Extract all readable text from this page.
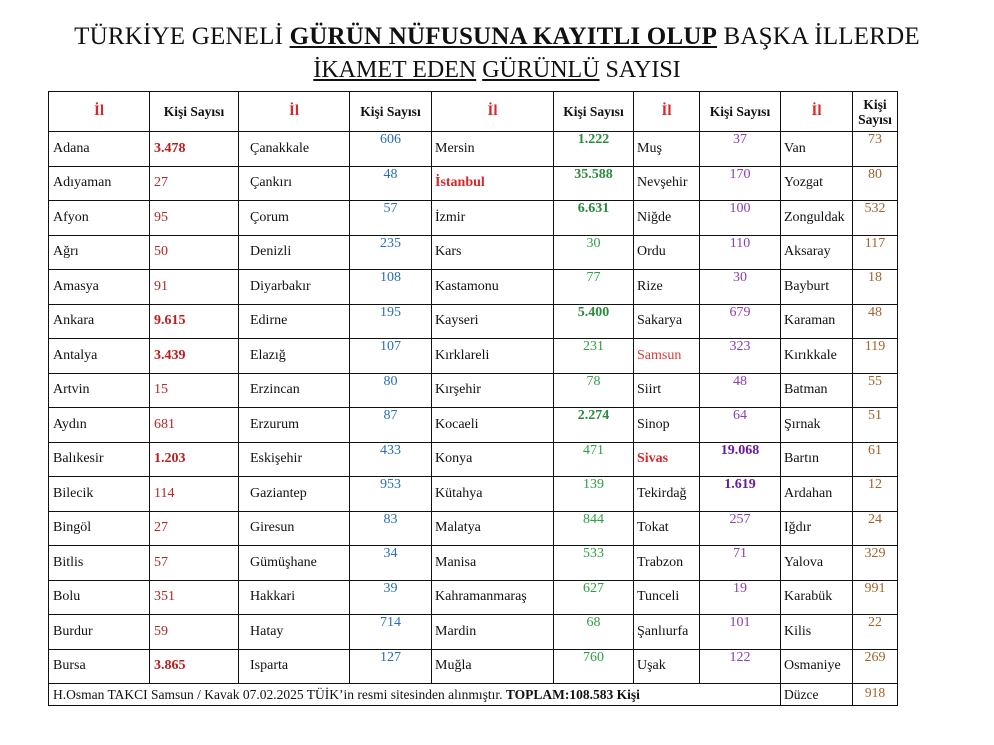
TÜRKİYE GENELİ GÜRÜN NÜFUSUNA KAYITLI OLUP BAŞKA İLLERDE
İKAMET EDEN GÜRÜNLÜ SAYISI
İl	Kişi Sayısı	İl	Kişi Sayısı	İl	Kişi Sayısı	İl	Kişi Sayısı	İl	Kişi Sayısı
Adana	3.478	Çanakkale	606	Mersin	1.222	Muş	37	Van	73
Adıyaman	27	Çankırı	48	İstanbul	35.588	Nevşehir	170	Yozgat	80
Afyon	95	Çorum	57	İzmir	6.631	Niğde	100	Zonguldak	532
Ağrı	50	Denizli	235	Kars	30	Ordu	110	Aksaray	117
Amasya	91	Diyarbakır	108	Kastamonu	77	Rize	30	Bayburt	18
Ankara	9.615	Edirne	195	Kayseri	5.400	Sakarya	679	Karaman	48
Antalya	3.439	Elazığ	107	Kırklareli	231	Samsun	323	Kırıkkale	119
Artvin	15	Erzincan	80	Kırşehir	78	Siirt	48	Batman	55
Aydın	681	Erzurum	87	Kocaeli	2.274	Sinop	64	Şırnak	51
Balıkesir	1.203	Eskişehir	433	Konya	471	Sivas	19.068	Bartın	61
Bilecik	114	Gaziantep	953	Kütahya	139	Tekirdağ	1.619	Ardahan	12
Bingöl	27	Giresun	83	Malatya	844	Tokat	257	Iğdır	24
Bitlis	57	Gümüşhane	34	Manisa	533	Trabzon	71	Yalova	329
Bolu	351	Hakkari	39	Kahramanmaraş	627	Tunceli	19	Karabük	991
Burdur	59	Hatay	714	Mardin	68	Şanlıurfa	101	Kilis	22
Bursa	3.865	Isparta	127	Muğla	760	Uşak	122	Osmaniye	269
H.Osman TAKCI Samsun / Kavak 07.02.2025 TÜİK’in resmi sitesinden alınmıştır. TOPLAM:108.583 Kişi								Düzce	918
